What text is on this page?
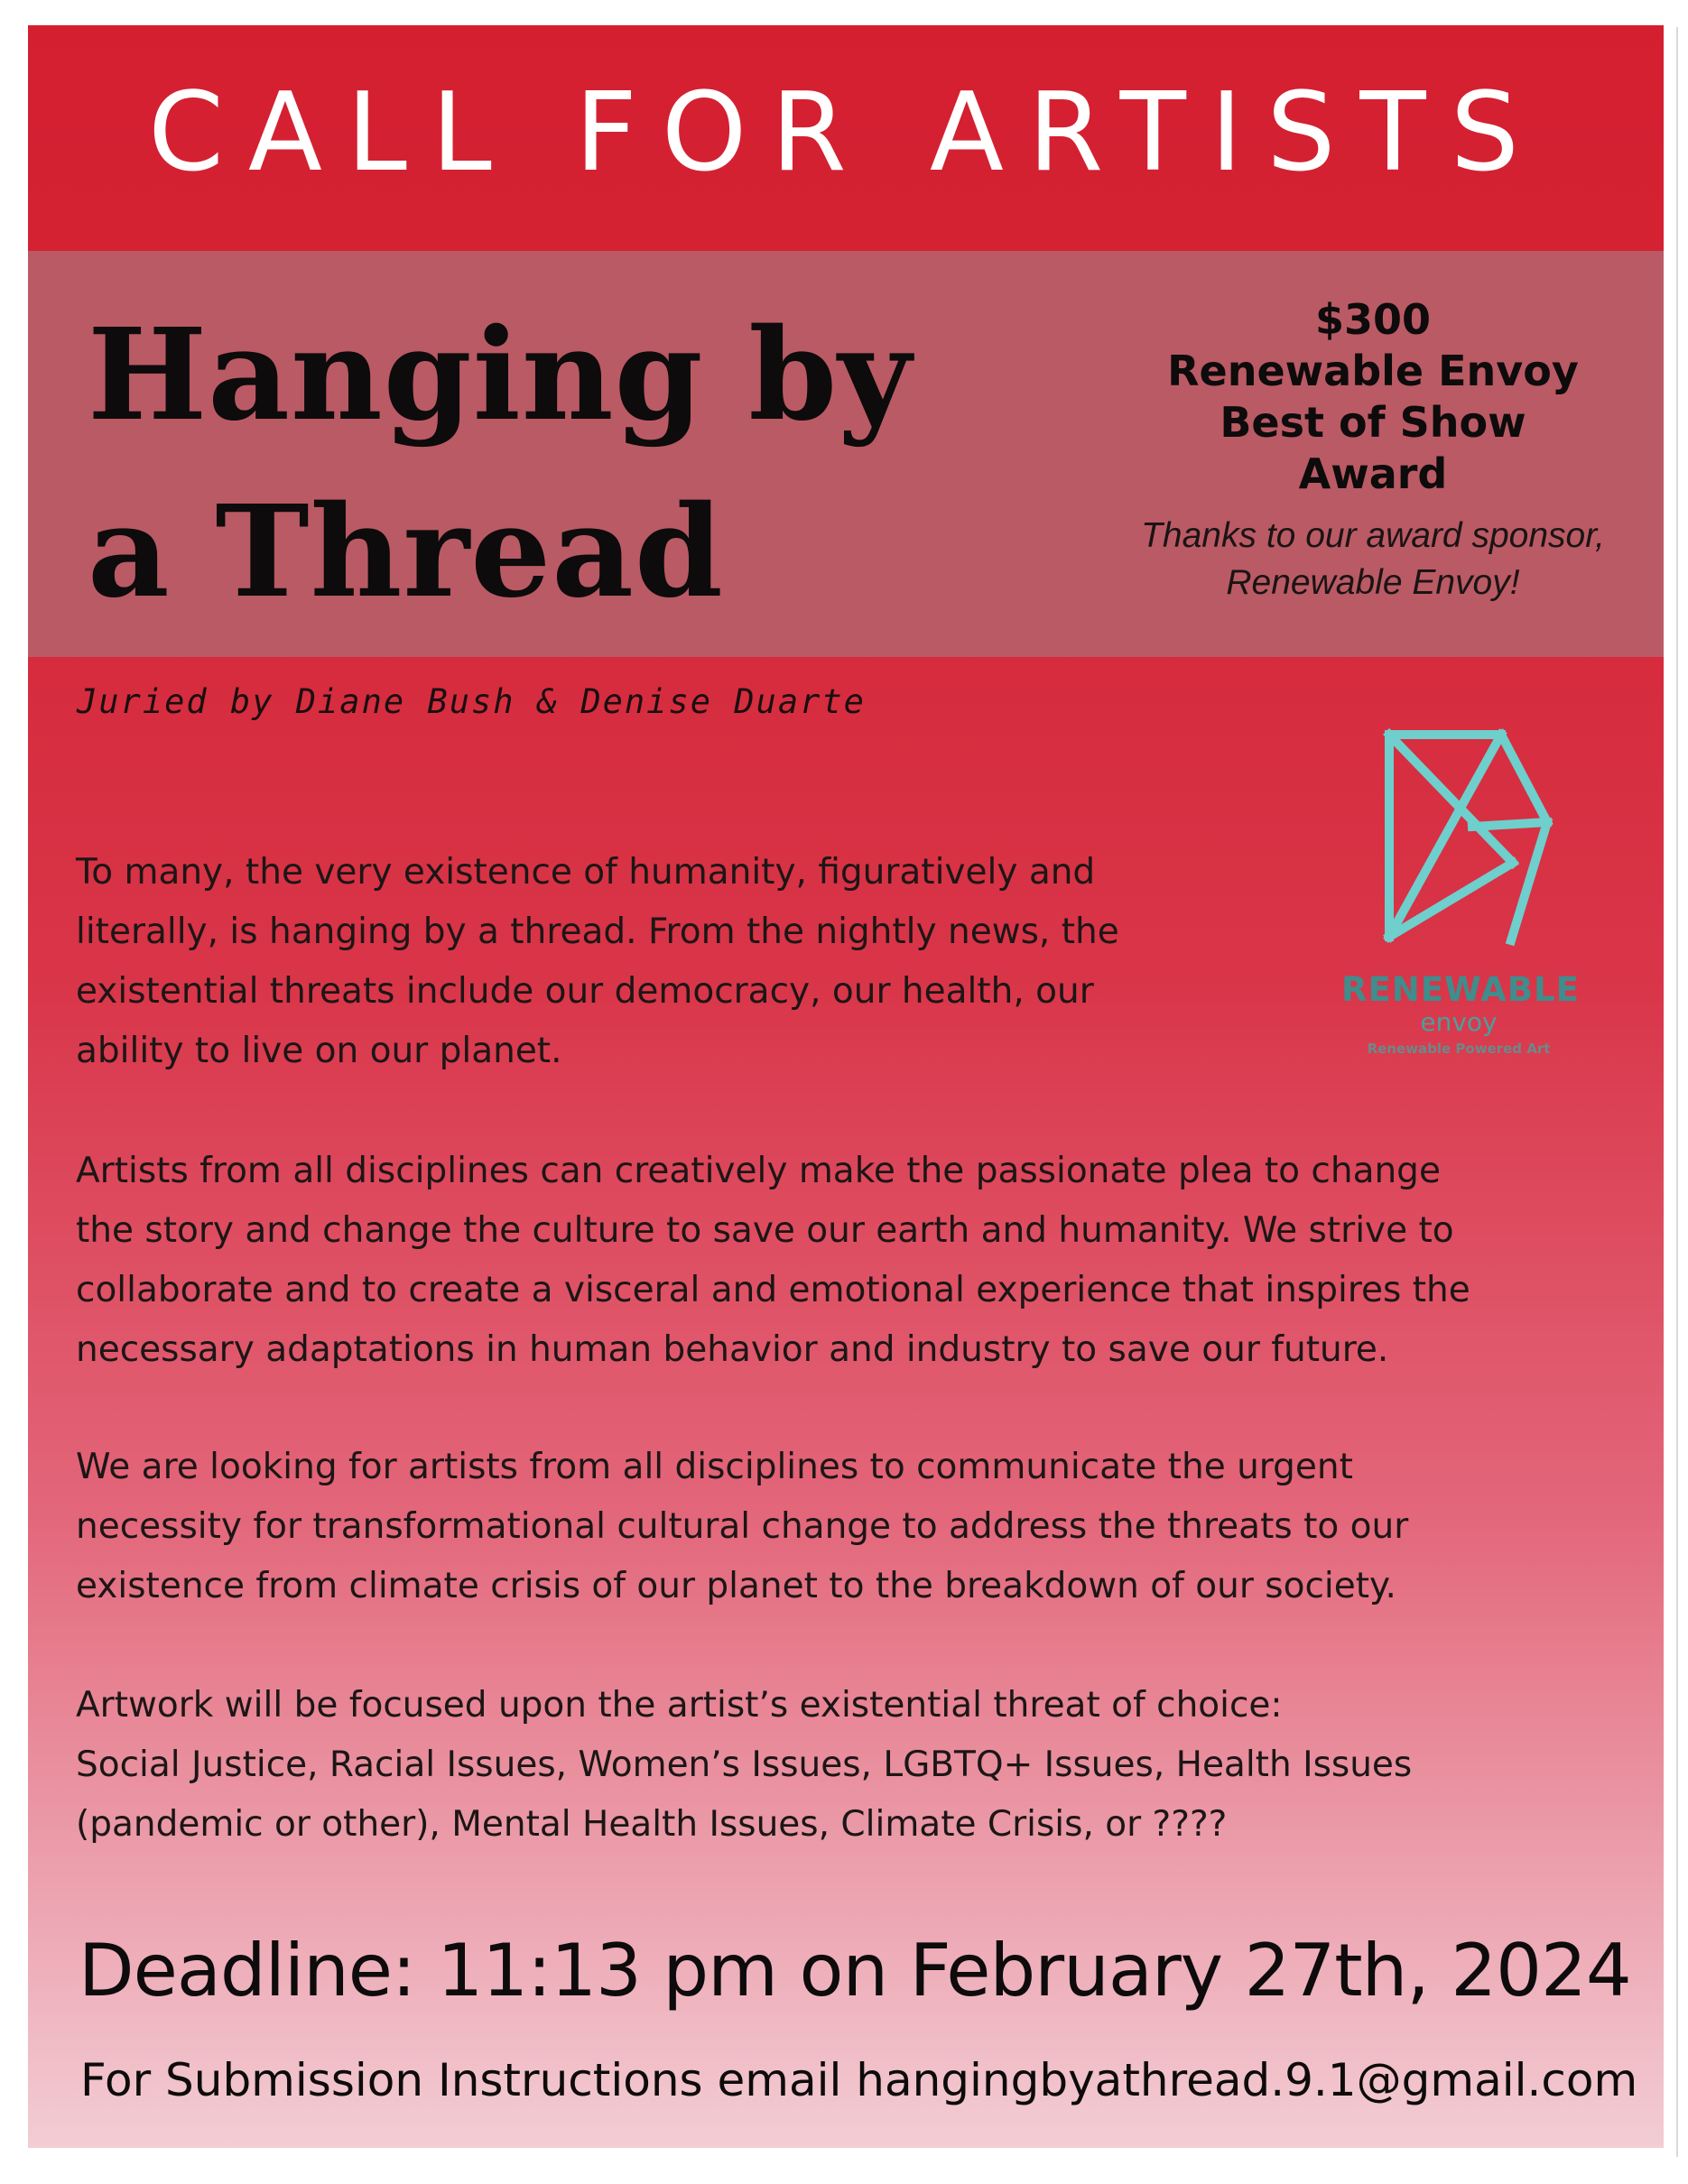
CALL FOR ARTISTS
Hanging by
a Thread
$300
Renewable Envoy
Best of Show
Award
Thanks to our award sponsor,
Renewable Envoy!
Juried by Diane Bush & Denise Duarte
RENEWABLE
envoy
Renewable Powered Art
To many, the very existence of humanity, figuratively and
literally, is hanging by a thread. From the nightly news, the
existential threats include our democracy, our health, our
ability to live on our planet.
Artists from all disciplines can creatively make the passionate plea to change
the story and change the culture to save our earth and humanity. We strive to
collaborate and to create a visceral and emotional experience that inspires the
necessary adaptations in human behavior and industry to save our future.
We are looking for artists from all disciplines to communicate the urgent
necessity for transformational cultural change to address the threats to our
existence from climate crisis of our planet to the breakdown of our society.
Artwork will be focused upon the artist’s existential threat of choice:
Social Justice, Racial Issues, Women’s Issues, LGBTQ+ Issues, Health Issues
(pandemic or other), Mental Health Issues, Climate Crisis, or ????
Deadline: 11:13 pm on February 27th, 2024
For Submission Instructions email hangingbyathread.9.1@gmail.com
